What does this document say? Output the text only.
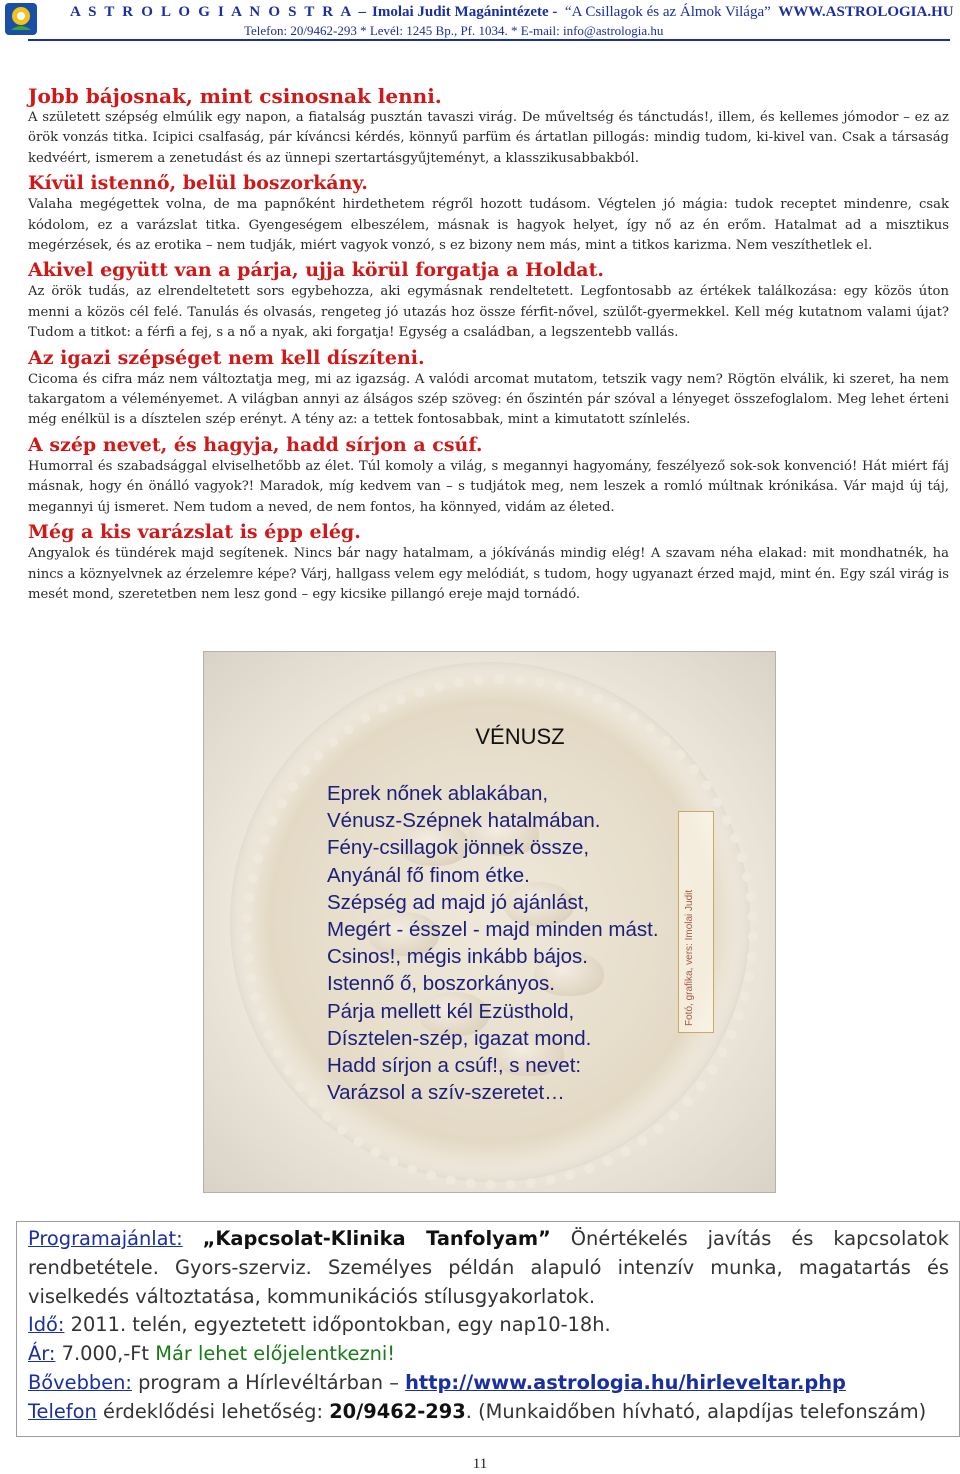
A S T R O L O G I A N O S T R A – Imolai Judit Magánintézete - “A Csillagok és az Álmok Világa” WWW.ASTROLOGIA.HU
Telefon: 20/9462-293 * Levél: 1245 Bp., Pf. 1034. * E-mail: info@astrologia.hu
Jobb bájosnak, mint csinosnak lenni.

A született szépség elmúlik egy napon, a fiatalság pusztán tavaszi virág. De műveltség és tánctudás!, illem, és kellemes jómodor – ez az örök vonzás titka. Icipici csalfaság, pár kíváncsi kérdés, könnyű parfüm és ártatlan pillogás: mindig tudom, ki-kivel van. Csak a társaság kedvéért, ismerem a zenetudást és az ünnepi szertartásgyűjteményt, a klasszikusabbakból.

Kívül istennő, belül boszorkány.

Valaha megégettek volna, de ma papnőként hirdethetem régről hozott tudásom. Végtelen jó mágia: tudok receptet mindenre, csak kódolom, ez a varázslat titka. Gyengeségem elbeszélem, másnak is hagyok helyet, így nő az én erőm. Hatalmat ad a misztikus megérzések, és az erotika – nem tudják, miért vagyok vonzó, s ez bizony nem más, mint a titkos karizma. Nem veszíthetlek el.

Akivel együtt van a párja, ujja körül forgatja a Holdat.

Az örök tudás, az elrendeltetett sors egybehozza, aki egymásnak rendeltetett. Legfontosabb az értékek találkozása: egy közös úton menni a közös cél felé. Tanulás és olvasás, rengeteg jó utazás hoz össze férfit-nővel, szülőt-gyermekkel. Kell még kutatnom valami újat? Tudom a titkot: a férfi a fej, s a nő a nyak, aki forgatja! Egység a családban, a legszentebb vallás.

Az igazi szépséget nem kell díszíteni.

Cicoma és cifra máz nem változtatja meg, mi az igazság. A valódi arcomat mutatom, tetszik vagy nem? Rögtön elválik, ki szeret, ha nem takargatom a véleményemet. A világban annyi az álságos szép szöveg: én őszintén pár szóval a lényeget összefoglalom. Meg lehet érteni még enélkül is a dísztelen szép erényt. A tény az: a tettek fontosabbak, mint a kimutatott színlelés.

A szép nevet, és hagyja, hadd sírjon a csúf.

Humorral és szabadsággal elviselhetőbb az élet. Túl komoly a világ, s megannyi hagyomány, feszélyező sok-sok konvenció! Hát miért fáj másnak, hogy én önálló vagyok?! Maradok, míg kedvem van – s tudjátok meg, nem leszek a romló múltnak krónikása. Vár majd új táj, megannyi új ismeret. Nem tudom a neved, de nem fontos, ha könnyed, vidám az életed.

Még a kis varázslat is épp elég.

Angyalok és tündérek majd segítenek. Nincs bár nagy hatalmam, a jókívánás mindig elég! A szavam néha elakad: mit mondhatnék, ha nincs a köznyelvnek az érzelemre képe? Várj, hallgass velem egy melódiát, s tudom, hogy ugyanazt érzed majd, mint én. Egy szál virág is mesét mond, szeretetben nem lesz gond – egy kicsike pillangó ereje majd tornádó.

VÉNUSZ
Eprek nőnek ablakában,
Vénusz-Szépnek hatalmában.
Fény-csillagok jönnek össze,
Anyánál fő finom étke.
Szépség ad majd jó ajánlást,
Megért - ésszel - majd minden mást.
Csinos!, mégis inkább bájos.
Istennő ő, boszorkányos.
Párja mellett kél Ezüsthold,
Dísztelen-szép, igazat mond.
Hadd sírjon a csúf!, s nevet:
Varázsol a szív-szeretet…
Fotó, grafika, vers: Imolai Judit

Programajánlat: „Kapcsolat-Klinika Tanfolyam” Önértékelés javítás és kapcsolatok rendbetétele. Gyors-szerviz. Személyes példán alapuló intenzív munka, magatartás és viselkedés változtatása, kommunikációs stílusgyakorlatok.

Idő: 2011. telén, egyeztetett időpontokban, egy nap10-18h.

Ár: 7.000,-Ft Már lehet előjelentkezni!

Bővebben: program a Hírlevéltárban – http://www.astrologia.hu/hirleveltar.php

Telefon érdeklődési lehetőség: 20/9462-293. (Munkaidőben hívható, alapdíjas telefonszám)

11
